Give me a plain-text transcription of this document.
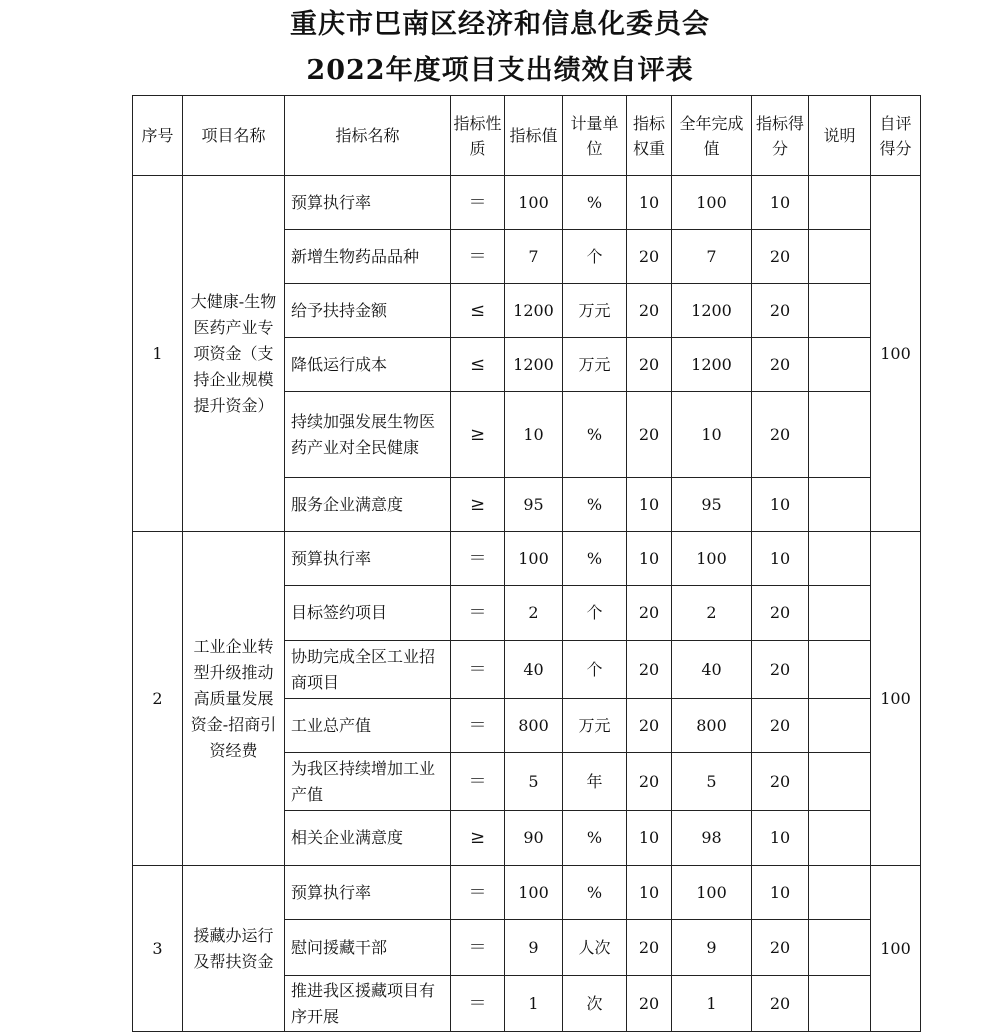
重庆市巴南区经济和信息化委员会
2022年度项目支出绩效自评表
序号	项目名称	指标名称	指标性质	指标值	计量单位	指标权重	全年完成值	指标得分	说明	自评得分
1	大健康-生物医药产业专项资金（支持企业规模提升资金）	预算执行率	＝	100	%	10	100	10		100
		新增生物药品品种	＝	7	个	20	7	20		
		给予扶持金额	≤	1200	万元	20	1200	20		
		降低运行成本	≤	1200	万元	20	1200	20		
		持续加强发展生物医药产业对全民健康	≥	10	%	20	10	20		
		服务企业满意度	≥	95	%	10	95	10		
2	工业企业转型升级推动高质量发展资金-招商引资经费	预算执行率	＝	100	%	10	100	10		100
		目标签约项目	＝	2	个	20	2	20		
		协助完成全区工业招商项目	＝	40	个	20	40	20		
		工业总产值	＝	800	万元	20	800	20		
		为我区持续增加工业产值	＝	5	年	20	5	20		
		相关企业满意度	≥	90	%	10	98	10		
3	援藏办运行及帮扶资金	预算执行率	＝	100	%	10	100	10		100
		慰问援藏干部	＝	9	人次	20	9	20		
		推进我区援藏项目有序开展	＝	1	次	20	1	20		
